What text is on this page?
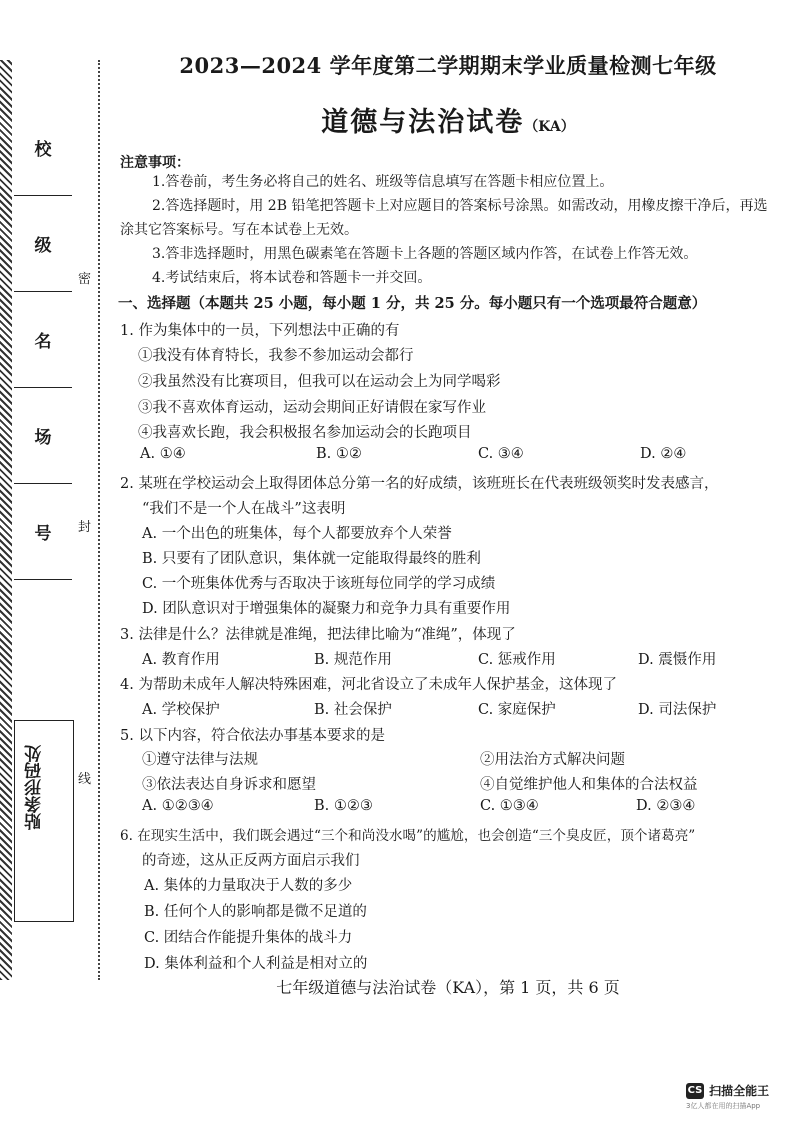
校
级
名
场
号
密
封
线
贴条形码处
2023—2024 学年度第二学期期末学业质量检测七年级
道德与法治试卷（KA）
注意事项：
1.答卷前，考生务必将自己的姓名、班级等信息填写在答题卡相应位置上。
2.答选择题时，用 2B 铅笔把答题卡上对应题目的答案标号涂黑。如需改动，用橡皮擦干净后，再选涂其它答案标号。写在本试卷上无效。
3.答非选择题时，用黑色碳素笔在答题卡上各题的答题区域内作答，在试卷上作答无效。
4.考试结束后，将本试卷和答题卡一并交回。
一、选择题（本题共 25 小题，每小题 1 分，共 25 分。每小题只有一个选项最符合题意）
1. 作为集体中的一员，下列想法中正确的有
①我没有体育特长，我参不参加运动会都行
②我虽然没有比赛项目，但我可以在运动会上为同学喝彩
③我不喜欢体育运动，运动会期间正好请假在家写作业
④我喜欢长跑，我会积极报名参加运动会的长跑项目
A. ①④	B. ①②	C. ③④	D. ②④
2. 某班在学校运动会上取得团体总分第一名的好成绩，该班班长在代表班级领奖时发表感言，
“我们不是一个人在战斗”这表明
A. 一个出色的班集体，每个人都要放弃个人荣誉
B. 只要有了团队意识，集体就一定能取得最终的胜利
C. 一个班集体优秀与否取决于该班每位同学的学习成绩
D. 团队意识对于增强集体的凝聚力和竞争力具有重要作用
3. 法律是什么？法律就是准绳，把法律比喻为“准绳”，体现了
A. 教育作用	B. 规范作用	C. 惩戒作用	D. 震慑作用
4. 为帮助未成年人解决特殊困难，河北省设立了未成年人保护基金，这体现了
A. 学校保护	B. 社会保护	C. 家庭保护	D. 司法保护
5. 以下内容，符合依法办事基本要求的是
①遵守法律与法规	②用法治方式解决问题
③依法表达自身诉求和愿望	④自觉维护他人和集体的合法权益
A. ①②③④	B. ①②③	C. ①③④	D. ②③④
6. 在现实生活中，我们既会遇过“三个和尚没水喝”的尴尬，也会创造“三个臭皮匠，顶个诸葛亮”
的奇迹，这从正反两方面启示我们
A. 集体的力量取决于人数的多少
B. 任何个人的影响都是微不足道的
C. 团结合作能提升集体的战斗力
D. 集体利益和个人利益是相对立的
七年级道德与法治试卷（KA），第 1 页，共 6 页
CS 扫描全能王
3亿人都在用的扫描App
